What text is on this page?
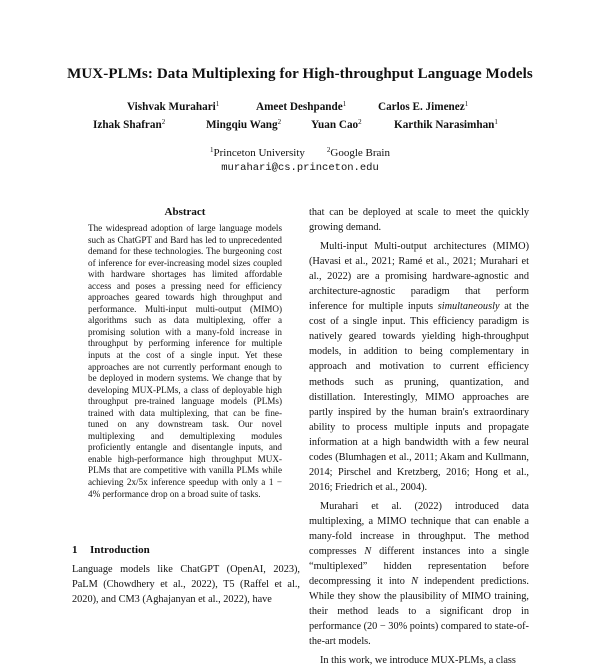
MUX-PLMs: Data Multiplexing for High-throughput Language Models
Vishvak Murahari$^1$	Ameet Deshpande$^1$	Carlos E. Jimenez$^1$
Izhak Shafran$^2$	Mingqiu Wang$^2$	Yuan Cao$^2$	Karthik Narasimhan$^1$
$^1$Princeton University	$^2$Google Brain
murahari@cs.princeton.edu
Abstract

The widespread adoption of large language models such as ChatGPT and Bard has led to unprecedented demand for these technologies. The burgeoning cost of inference for ever-increasing model sizes coupled with hardware shortages has limited affordable access and poses a pressing need for efficiency approaches geared towards high throughput and performance. Multi-input multi-output (MIMO) algorithms such as data multiplexing, offer a promising solution with a many-fold increase in throughput by performing inference for multiple inputs at the cost of a single input. Yet these approaches are not currently performant enough to be deployed in modern systems. We change that by developing MUX-PLMs, a class of deployable high throughput pre-trained language models (PLMs) trained with data multiplexing, that can be fine-tuned on any downstream task. Our novel multiplexing and demultiplexing modules proficiently entangle and disentangle inputs, and enable high-performance high throughput MUX-PLMs that are competitive with vanilla PLMs while achieving 2x/5x inference speedup with only a 1 − 4% performance drop on a broad suite of tasks.

1 Introduction

Language models like ChatGPT (OpenAI, 2023), PaLM (Chowdhery et al., 2022), T5 (Raffel et al., 2020), and CM3 (Aghajanyan et al., 2022), have

that can be deployed at scale to meet the quickly growing demand.

Multi-input Multi-output architectures (MIMO) (Havasi et al., 2021; Ramé et al., 2021; Murahari et al., 2022) are a promising hardware-agnostic and architecture-agnostic paradigm that perform inference for multiple inputs simultaneously at the cost of a single input. This efficiency paradigm is natively geared towards yielding high-throughput models, in addition to being complementary in approach and motivation to current efficiency methods such as pruning, quantization, and distillation. Interestingly, MIMO approaches are partly inspired by the human brain's extraordinary ability to process multiple inputs and propagate information at a high bandwidth with a few neural codes (Blumhagen et al., 2011; Akam and Kullmann, 2014; Pirschel and Kretzberg, 2016; Hong et al., 2016; Friedrich et al., 2004).

Murahari et al. (2022) introduced data multiplexing, a MIMO technique that can enable a many-fold increase in throughput. The method compresses N different instances into a single “multiplexed” hidden representation before decompressing it into N independent predictions. While they show the plausibility of MIMO training, their method leads to a significant drop in performance (20 − 30% points) compared to state-of-the-art models.

In this work, we introduce MUX-PLMs, a class
